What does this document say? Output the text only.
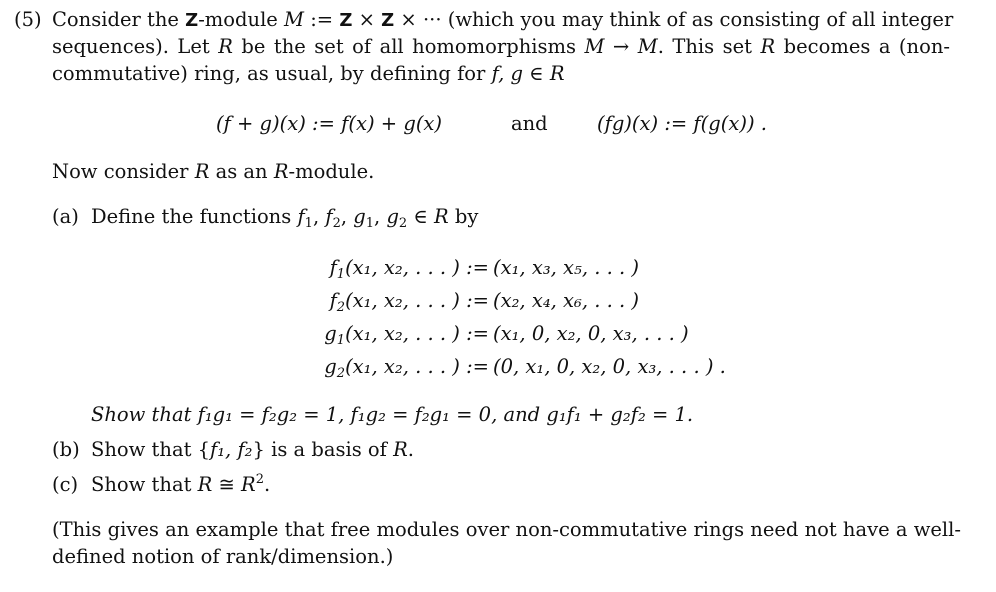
(5) Consider the Z-module M := Z × Z × ··· (which you may think of as consisting of all integer
sequences). Let R be the set of all homomorphisms M → M. This set R becomes a (non-
commutative) ring, as usual, by defining for f, g ∈ R
(f + g)(x) := f(x) + g(x)	and	(fg)(x) := f(g(x)) .
Now consider R as an R-module.
(a) Define the functions $f_1$, $f_2$, $g_1$, $g_2$ ∈ R by
$f_1(x_1$, x₂, . . . ) := (x₁, x₃, x₅, . . . )
$f_2(x_1$, x₂, . . . ) := (x₂, x₄, x₆, . . . )
$g_1(x_1$, x₂, . . . ) := (x₁, 0, x₂, 0, x₃, . . . )
$g_2(x_1$, x₂, . . . ) := (0, x₁, 0, x₂, 0, x₃, . . . ) .
Show that f₁g₁ = f₂g₂ = 1, f₁g₂ = f₂g₁ = 0, and g₁f₁ + g₂f₂ = 1.
(b) Show that {f₁, f₂} is a basis of R.
(c) Show that R ≅ $R^2$.
(This gives an example that free modules over non-commutative rings need not have a well-
defined notion of rank/dimension.)
